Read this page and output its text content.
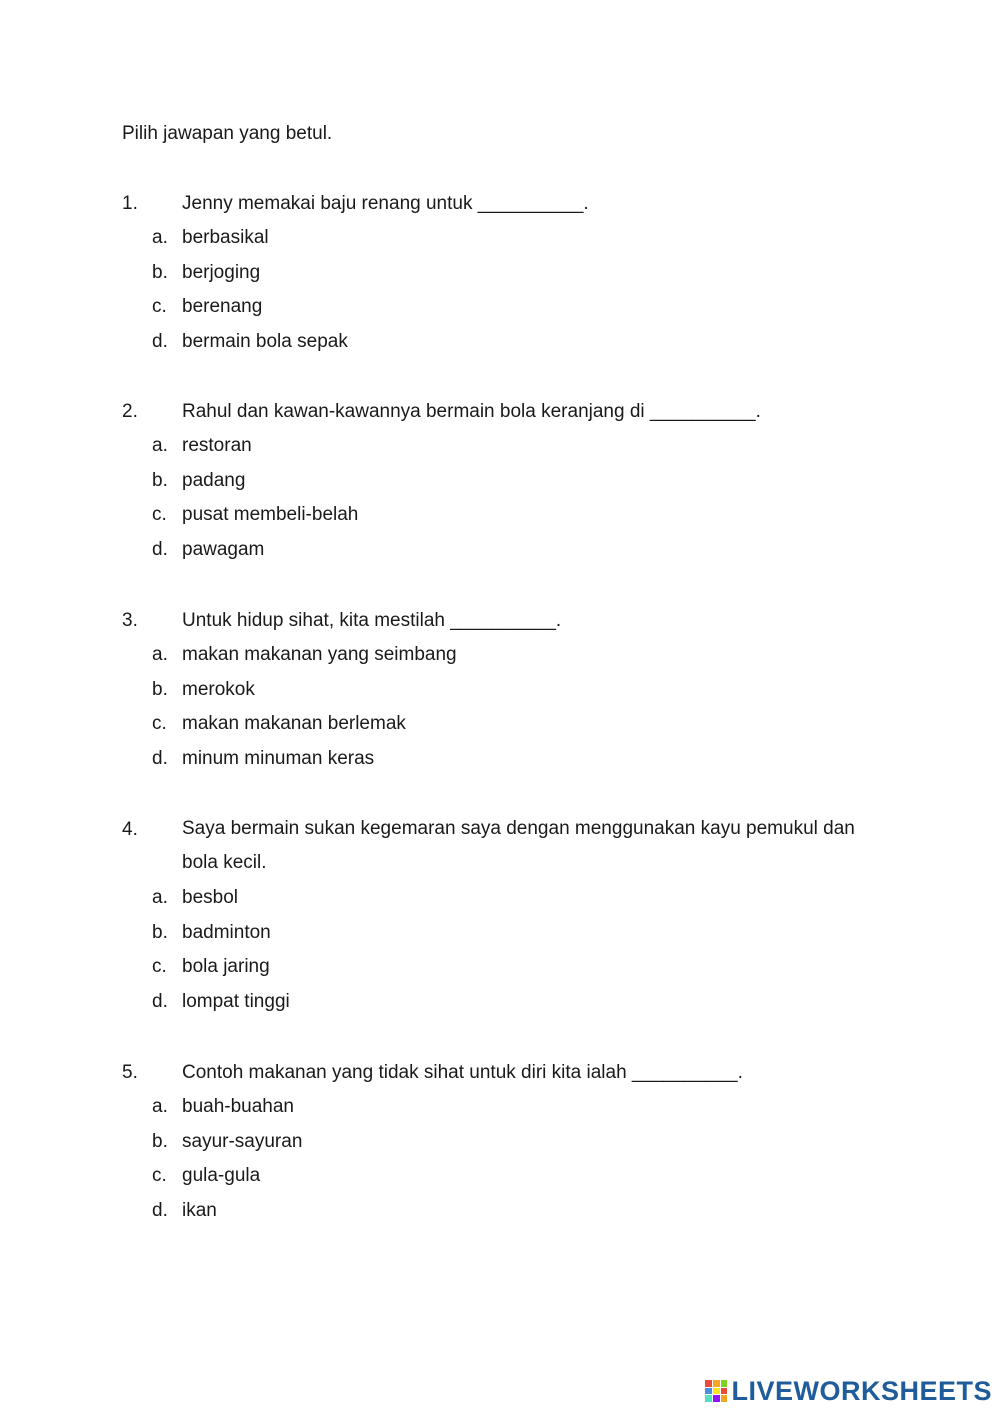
Pilih jawapan yang betul.
1. Jenny memakai baju renang untuk __________.
a. berbasikal
b. berjoging
c. berenang
d. bermain bola sepak
2. Rahul dan kawan-kawannya bermain bola keranjang di __________.
a. restoran
b. padang
c. pusat membeli-belah
d. pawagam
3. Untuk hidup sihat, kita mestilah __________.
a. makan makanan yang seimbang
b. merokok
c. makan makanan berlemak
d. minum minuman keras
4. Saya bermain sukan kegemaran saya dengan menggunakan kayu pemukul dan bola kecil.
a. besbol
b. badminton
c. bola jaring
d. lompat tinggi
5. Contoh makanan yang tidak sihat untuk diri kita ialah __________.
a. buah-buahan
b. sayur-sayuran
c. gula-gula
d. ikan
LIVEWORKSHEETS
